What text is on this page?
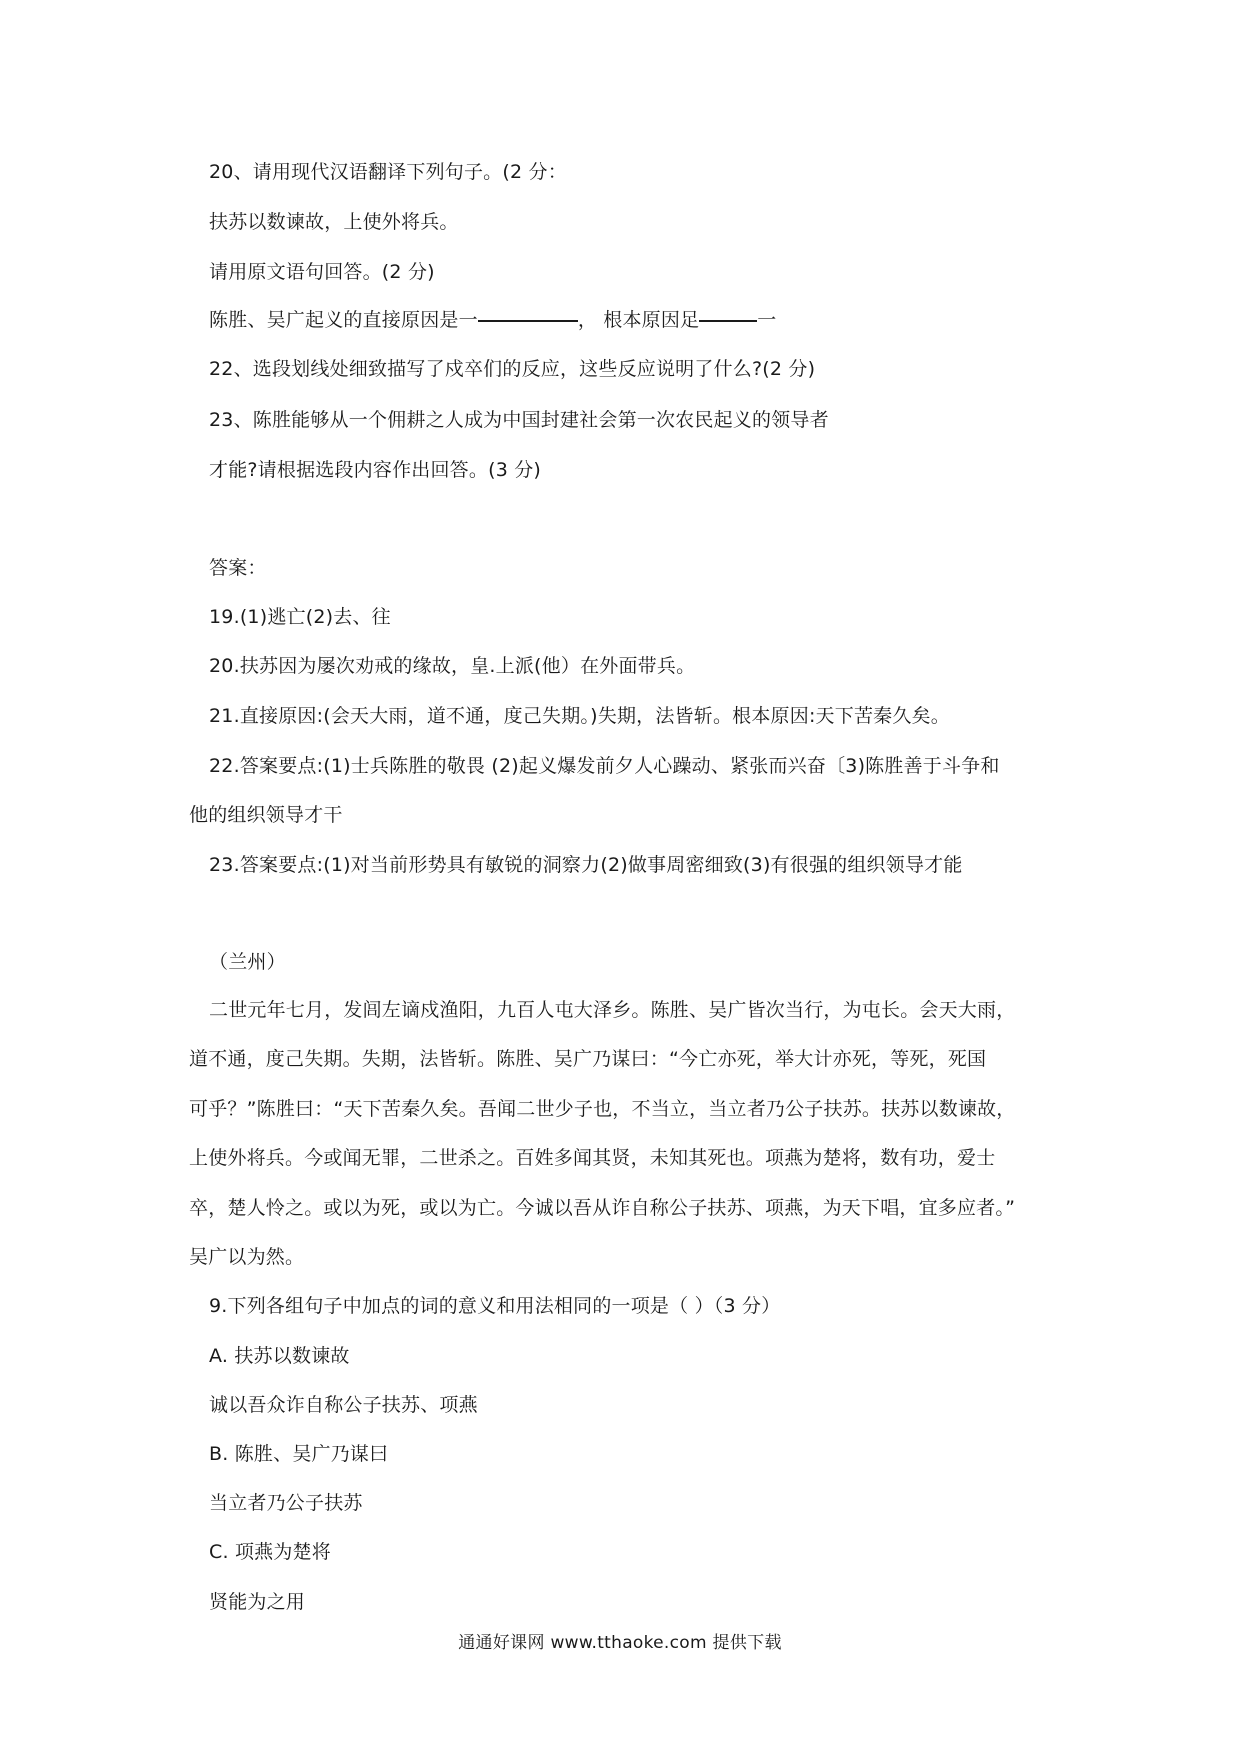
20、请用现代汉语翻译下列句子。(2 分：
扶苏以数谏故，上使外将兵。
请用原文语句回答。(2 分)
陈胜、吴广起义的直接原因是一	， 根本原因足	一
22、选段划线处细致描写了戍卒们的反应，这些反应说明了什么?(2 分)
23、陈胜能够从一个佣耕之人成为中国封建社会第一次农民起义的领导者
才能?请根据选段内容作出回答。(3 分)
答案：
19.(1)逃亡(2)去、往
20.扶苏因为屡次劝戒的缘故，皇.上派(他）在外面带兵。
21.直接原因:(会天大雨，道不通，度己失期。)失期，法皆斩。根本原因:天下苦秦久矣。
22.答案要点:(1)士兵陈胜的敬畏 (2)起义爆发前夕人心躁动、紧张而兴奋〔3)陈胜善于斗争和
他的组织领导才干
23.答案要点:(1)对当前形势具有敏锐的洞察力(2)做事周密细致(3)有很强的组织领导才能
（兰州）
二世元年七月，发闾左谪戍渔阳，九百人屯大泽乡。陈胜、吴广皆次当行，为屯长。会天大雨，
道不通，度己失期。失期，法皆斩。陈胜、吴广乃谋曰：“今亡亦死，举大计亦死，等死，死国
可乎？”陈胜曰：“天下苦秦久矣。吾闻二世少子也，不当立，当立者乃公子扶苏。扶苏以数谏故，
上使外将兵。今或闻无罪，二世杀之。百姓多闻其贤，未知其死也。项燕为楚将，数有功，爱士
卒，楚人怜之。或以为死，或以为亡。今诚以吾从诈自称公子扶苏、项燕，为天下唱，宜多应者。”
吴广以为然。
9.下列各组句子中加点的词的意义和用法相同的一项是（ ）（3 分）
A. 扶苏以数谏故
诚以吾众诈自称公子扶苏、项燕
B. 陈胜、吴广乃谋曰
当立者乃公子扶苏
C. 项燕为楚将
贤能为之用
通通好课网 www.tthaoke.com 提供下载
